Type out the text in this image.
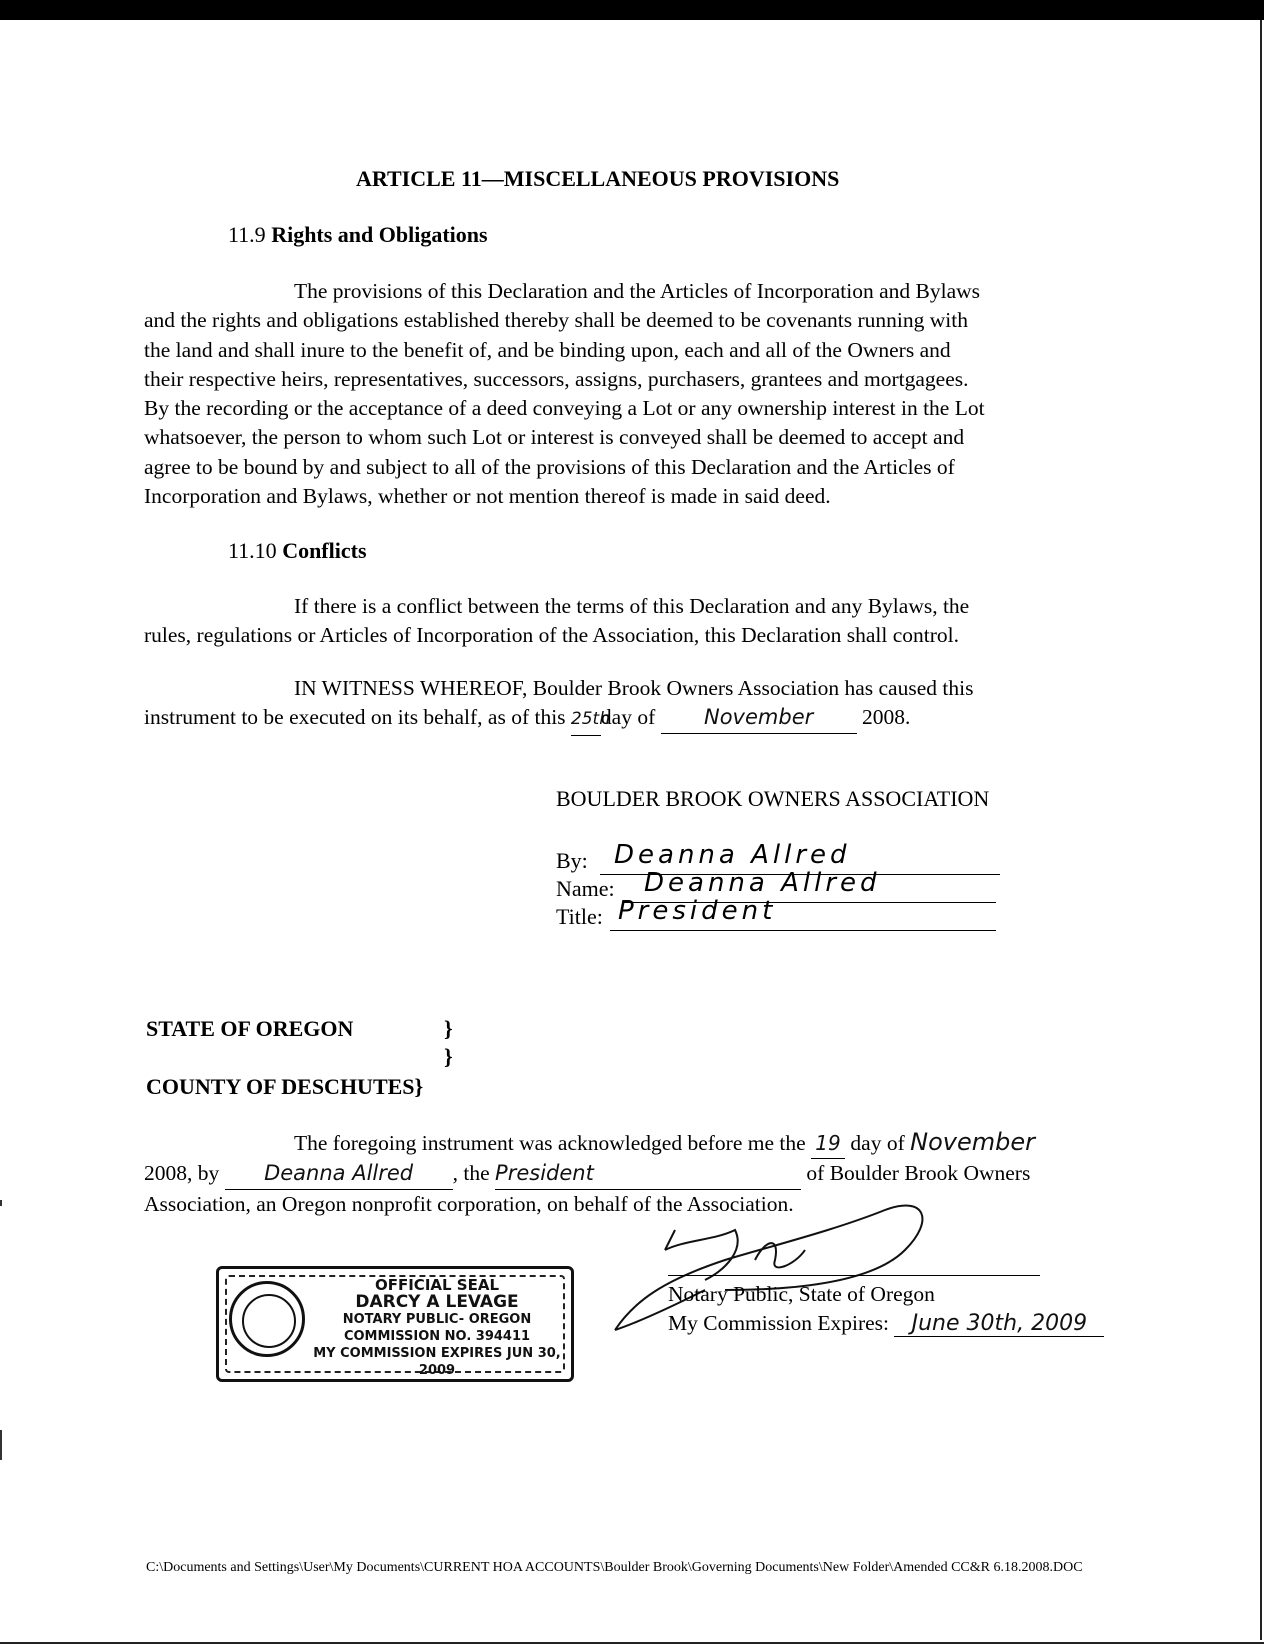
ARTICLE 11—MISCELLANEOUS PROVISIONS
11.9 Rights and Obligations

The provisions of this Declaration and the Articles of Incorporation and Bylaws

and the rights and obligations established thereby shall be deemed to be covenants running with

the land and shall inure to the benefit of, and be binding upon, each and all of the Owners and

their respective heirs, representatives, successors, assigns, purchasers, grantees and mortgagees.

By the recording or the acceptance of a deed conveying a Lot or any ownership interest in the Lot

whatsoever, the person to whom such Lot or interest is conveyed shall be deemed to accept and

agree to be bound by and subject to all of the provisions of this Declaration and the Articles of

Incorporation and Bylaws, whether or not mention thereof is made in said deed.

11.10 Conflicts

If there is a conflict between the terms of this Declaration and any Bylaws, the

rules, regulations or Articles of Incorporation of the Association, this Declaration shall control.

IN WITNESS WHEREOF, Boulder Brook Owners Association has caused this

instrument to be executed on its behalf, as of this 25thday of November 2008.

BOULDER BROOK OWNERS ASSOCIATION
By: Deanna Allred
Name: Deanna Allred
Title: President
STATE OF OREGON	}
}
COUNTY OF DESCHUTES}

The foregoing instrument was acknowledged before me the 19 day of November

2008, by Deanna Allred , the President	of Boulder Brook Owners

Association, an Oregon nonprofit corporation, on behalf of the Association.

OFFICIAL SEAL
DARCY A LEVAGE
NOTARY PUBLIC- OREGON
COMMISSION NO. 394411
MY COMMISSION EXPIRES JUN 30, 2009
Notary Public, State of Oregon
My Commission Expires: June 30th, 2009
C:\Documents and Settings\User\My Documents\CURRENT HOA ACCOUNTS\Boulder Brook\Governing Documents\New Folder\Amended CC&R 6.18.2008.DOC
